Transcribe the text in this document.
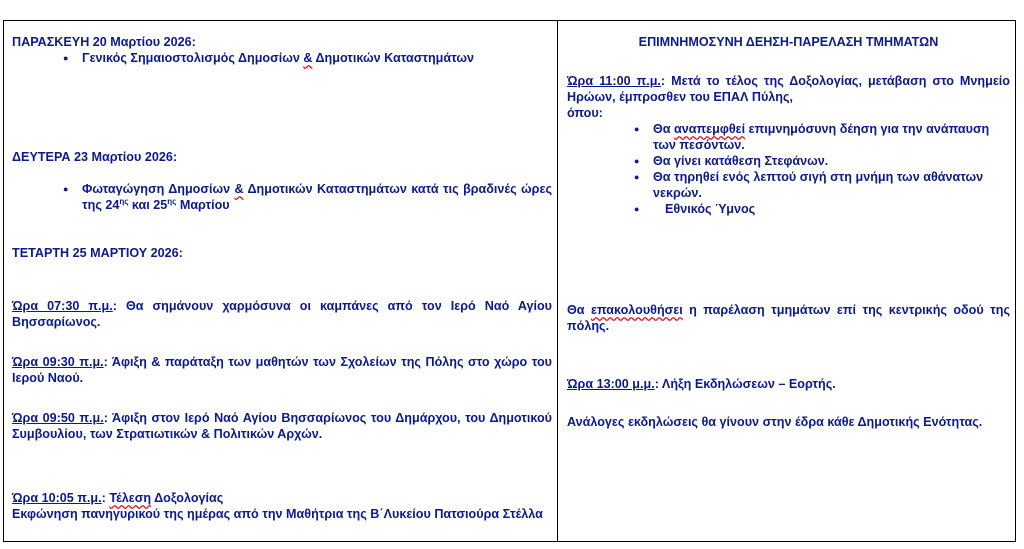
ΠΑΡΑΣΚΕΥΗ 20 Μαρτίου 2026:

● Γενικός Σημαιοστολισμός Δημοσίων & Δημοτικών Καταστημάτων

ΔΕΥΤΕΡΑ 23 Μαρτίου 2026:

● Φωταγώγηση Δημοσίων & Δημοτικών Καταστημάτων κατά τις βραδινές ώρες της $24^{\eta\varsigma}$ και $25^{\eta\varsigma}$ Μαρτίου

ΤΕΤΑΡΤΗ 25 ΜΑΡΤΙΟΥ 2026:

Ώρα 07:30 π.μ.: Θα σημάνουν χαρμόσυνα οι καμπάνες από τον Ιερό Ναό Αγίου Βησσαρίωνος.

Ώρα 09:30 π.μ.: Άφιξη & παράταξη των μαθητών των Σχολείων της Πόλης στο χώρο του Ιερού Ναού.

Ώρα 09:50 π.μ.: Άφιξη στον Ιερό Ναό Αγίου Βησσαρίωνος του Δημάρχου, του Δημοτικού Συμβουλίου, των Στρατιωτικών & Πολιτικών Αρχών.

Ώρα 10:05 π.μ.: Τέλεση Δοξολογίας

Εκφώνηση πανηγυρικού της ημέρας από την Μαθήτρια της Β΄Λυκείου Πατσιούρα Στέλλα

ΕΠΙΜΝΗΜΟΣΥΝΗ ΔΕΗΣΗ-ΠΑΡΕΛΑΣΗ ΤΜΗΜΑΤΩΝ

Ώρα 11:00 π.μ.: Μετά το τέλος της Δοξολογίας, μετάβαση στο Μνημείο Ηρώων, έμπροσθεν του ΕΠΑΛ Πύλης,

όπου:

● Θα αναπεμφθεί επιμνημόσυνη δέηση για την ανάπαυση των πεσόντων.
● Θα γίνει κατάθεση Στεφάνων.
● Θα τηρηθεί ενός λεπτού σιγή στη μνήμη των αθάνατων νεκρών.
● Εθνικός Ύμνος

Θα επακολουθήσει η παρέλαση τμημάτων επί της κεντρικής οδού της πόλης.

Ώρα 13:00 μ.μ.: Λήξη Εκδηλώσεων – Εορτής.

Ανάλογες εκδηλώσεις θα γίνουν στην έδρα κάθε Δημοτικής Ενότητας.
